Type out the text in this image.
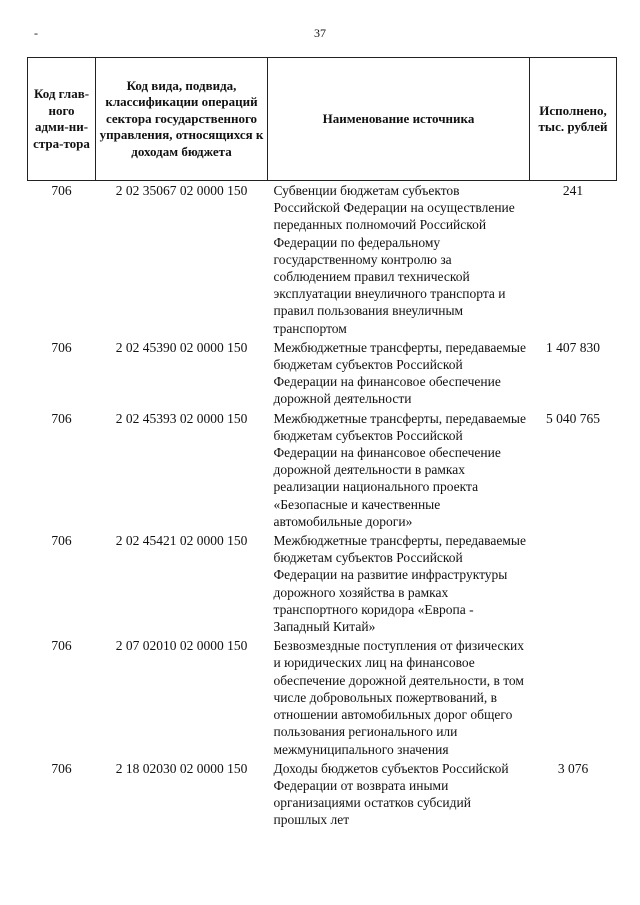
-	37
Код глав-ного адми-ни-стра-тора	Код вида, подвида, классификации операций сектора государственного управления, относящихся к доходам бюджета	Наименование источника	Исполнено, тыс. рублей
706	2 02 35067 02 0000 150	Субвенции бюджетам субъектов Российской Федерации на осуществление переданных полномочий Российской Федерации по федеральному государственному контролю за соблюдением правил технической эксплуатации внеуличного транспорта и правил пользования внеуличным транспортом	241
706	2 02 45390 02 0000 150	Межбюджетные трансферты, передаваемые бюджетам субъектов Российской Федерации на финансовое обеспечение дорожной деятельности	1 407 830
706	2 02 45393 02 0000 150	Межбюджетные трансферты, передаваемые бюджетам субъектов Российской Федерации на финансовое обеспечение дорожной деятельности в рамках реализации национального проекта «Безопасные и качественные автомобильные дороги»	5 040 765
706	2 02 45421 02 0000 150	Межбюджетные трансферты, передаваемые бюджетам субъектов Российской Федерации на развитие инфраструктуры дорожного хозяйства в рамках транспортного коридора «Европа - Западный Китай»	
706	2 07 02010 02 0000 150	Безвозмездные поступления от физических и юридических лиц на финансовое обеспечение дорожной деятельности, в том числе добровольных пожертвований, в отношении автомобильных дорог общего пользования регионального или межмуниципального значения	
706	2 18 02030 02 0000 150	Доходы бюджетов субъектов Российской Федерации от возврата иными организациями остатков субсидий прошлых лет	3 076
